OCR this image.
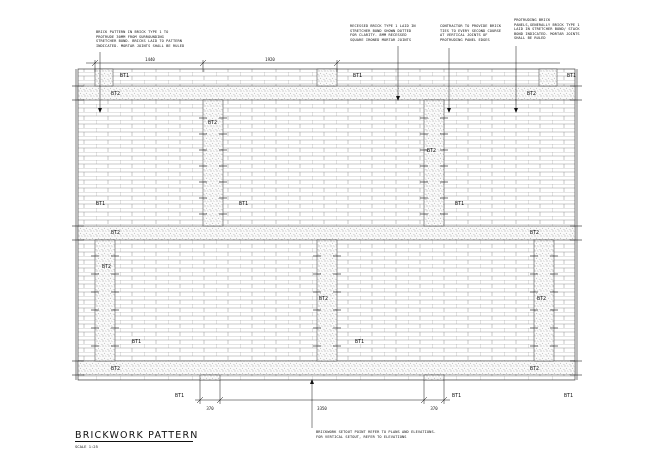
1440	1920
370	3350	370
BT1	BT1	BT1
BT2	BT2
BT2
BT2
BT1	BT1	BT1
BT2	BT2
BT2
BT2	BT2
BT1	BT1
BT2	BT2
BT1	BT1	BT1
BRICK PATTERN IN BRICK TYPE 1 TO
PROTRUDE 30MM FROM SURROUNDING
STRETCHER BOND. BRICKS LAID TO PATTERN
INDICATED. MORTAR JOINTS SHALL BE RULED
RECESSED BRICK TYPE 1 LAID IN
STRETCHER BOND SHOWN DOTTED
FOR CLARITY. 8MM RECESSED
SQUARE IRONED MORTAR JOINTS
CONTRACTOR TO PROVIDE BRICK
TIES TO EVERY SECOND COURSE
AT VERTICAL JOINTS OF
PROTRUDING PANEL EDGES
PROTRUDING BRICK
PANELS,GENERALLY BRICK TYPE 1
LAID IN STRETCHER BOND/ STACK
BOND INDICATED. MORTAR JOINTS
SHALL BE RULED
BRICKWORK SETOUT POINT REFER TO PLANS AND ELEVATIONS.
FOR VERTICAL SETOUT, REFER TO ELEVATIONS
BRICKWORK PATTERN
SCALE 1:25
